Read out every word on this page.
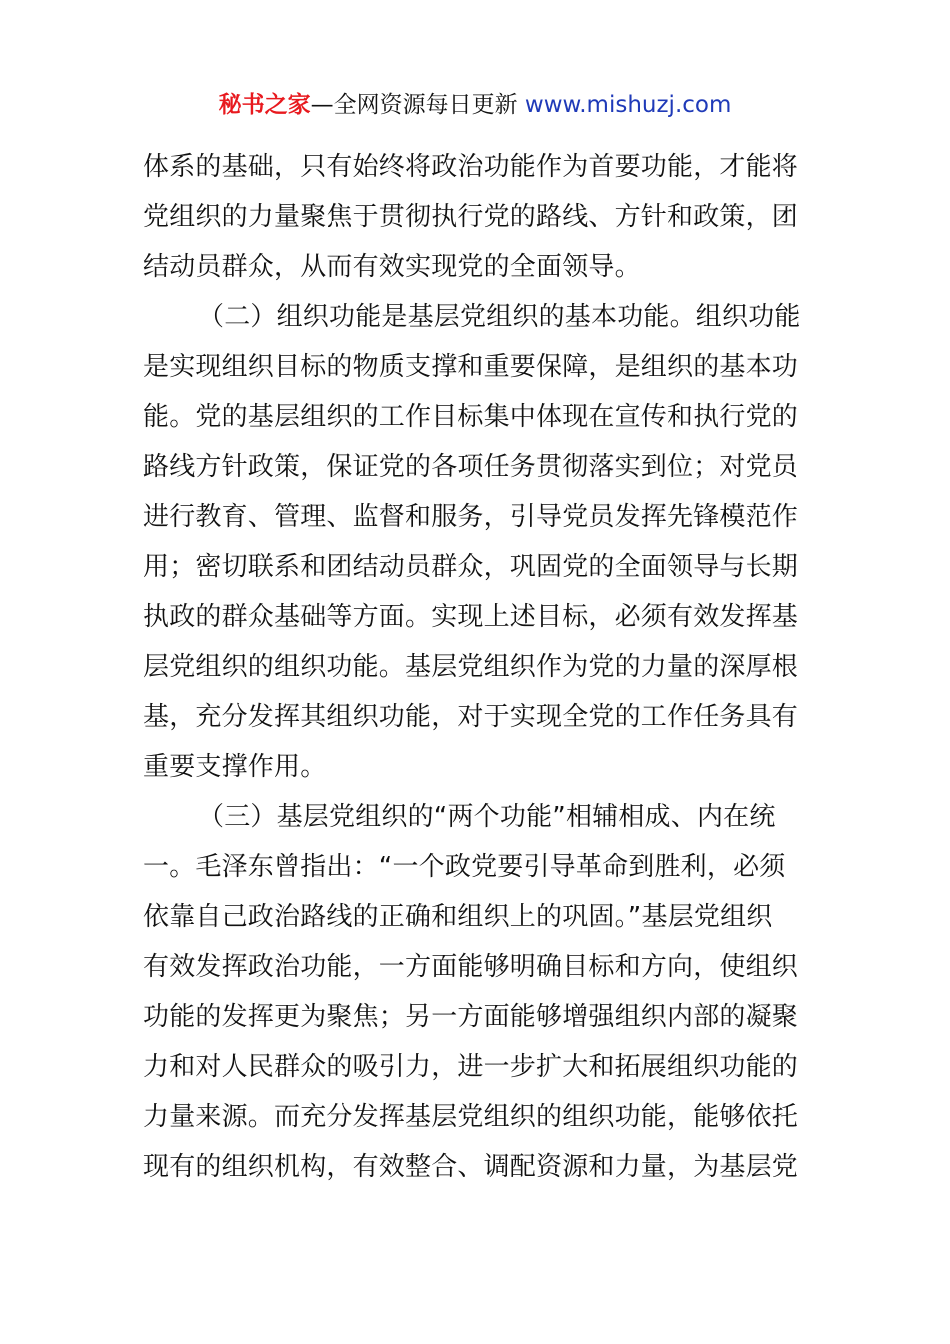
秘书之家—全网资源每日更新 www.mishuzj.com
体系的基础，只有始终将政治功能作为首要功能，才能将
党组织的力量聚焦于贯彻执行党的路线、方针和政策，团
结动员群众，从而有效实现党的全面领导。
（二）组织功能是基层党组织的基本功能。组织功能
是实现组织目标的物质支撑和重要保障，是组织的基本功
能。党的基层组织的工作目标集中体现在宣传和执行党的
路线方针政策，保证党的各项任务贯彻落实到位；对党员
进行教育、管理、监督和服务，引导党员发挥先锋模范作
用；密切联系和团结动员群众，巩固党的全面领导与长期
执政的群众基础等方面。实现上述目标，必须有效发挥基
层党组织的组织功能。基层党组织作为党的力量的深厚根
基，充分发挥其组织功能，对于实现全党的工作任务具有
重要支撑作用。
（三）基层党组织的“两个功能”相辅相成、内在统
一。毛泽东曾指出：“一个政党要引导革命到胜利，必须
依靠自己政治路线的正确和组织上的巩固。”基层党组织
有效发挥政治功能，一方面能够明确目标和方向，使组织
功能的发挥更为聚焦；另一方面能够增强组织内部的凝聚
力和对人民群众的吸引力，进一步扩大和拓展组织功能的
力量来源。而充分发挥基层党组织的组织功能，能够依托
现有的组织机构，有效整合、调配资源和力量，为基层党
